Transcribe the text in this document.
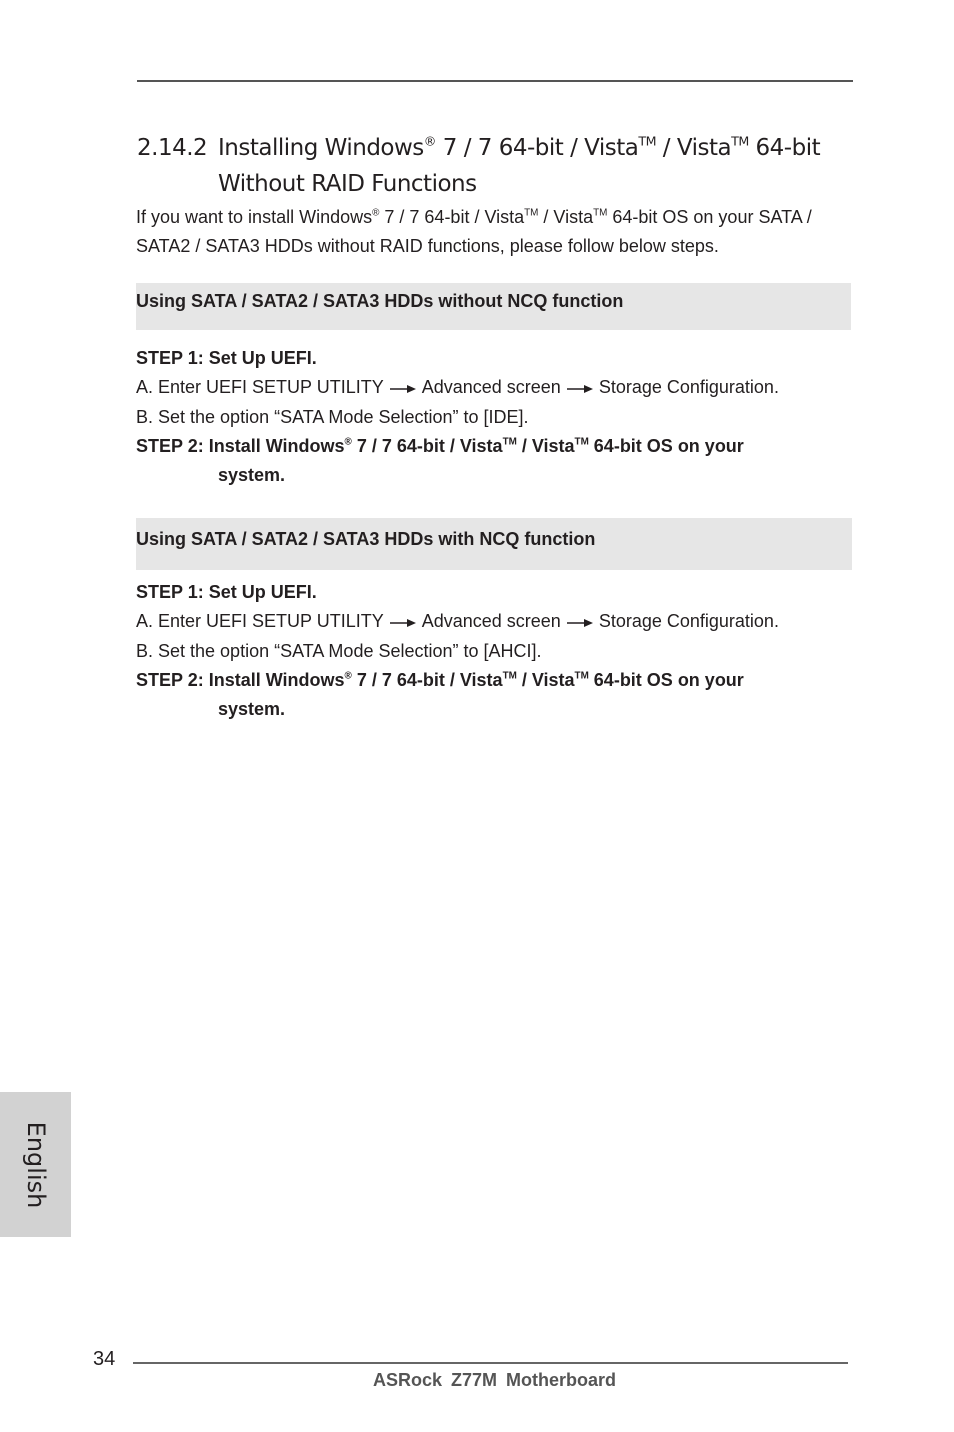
2.14.2 Installing Windows® 7 / 7 64-bit / Vista™ / Vista™ 64-bit
Without RAID Functions
If you want to install Windows® 7 / 7 64-bit / Vista™ / Vista™ 64-bit OS on your SATA / SATA2 / SATA3 HDDs without RAID functions, please follow below steps.
Using SATA / SATA2 / SATA3 HDDs without NCQ function
STEP 1: Set Up UEFI.
A. Enter UEFI SETUP UTILITY Advanced screen Storage Configuration.
B. Set the option “SATA Mode Selection” to [IDE].
STEP 2: Install Windows® 7 / 7 64-bit / Vista™ / Vista™ 64-bit OS on your
system.
Using SATA / SATA2 / SATA3 HDDs with NCQ function
STEP 1: Set Up UEFI.
A. Enter UEFI SETUP UTILITY Advanced screen Storage Configuration.
B. Set the option “SATA Mode Selection” to [AHCI].
STEP 2: Install Windows® 7 / 7 64-bit / Vista™ / Vista™ 64-bit OS on your
system.
English
34
ASRock Z77M Motherboard
